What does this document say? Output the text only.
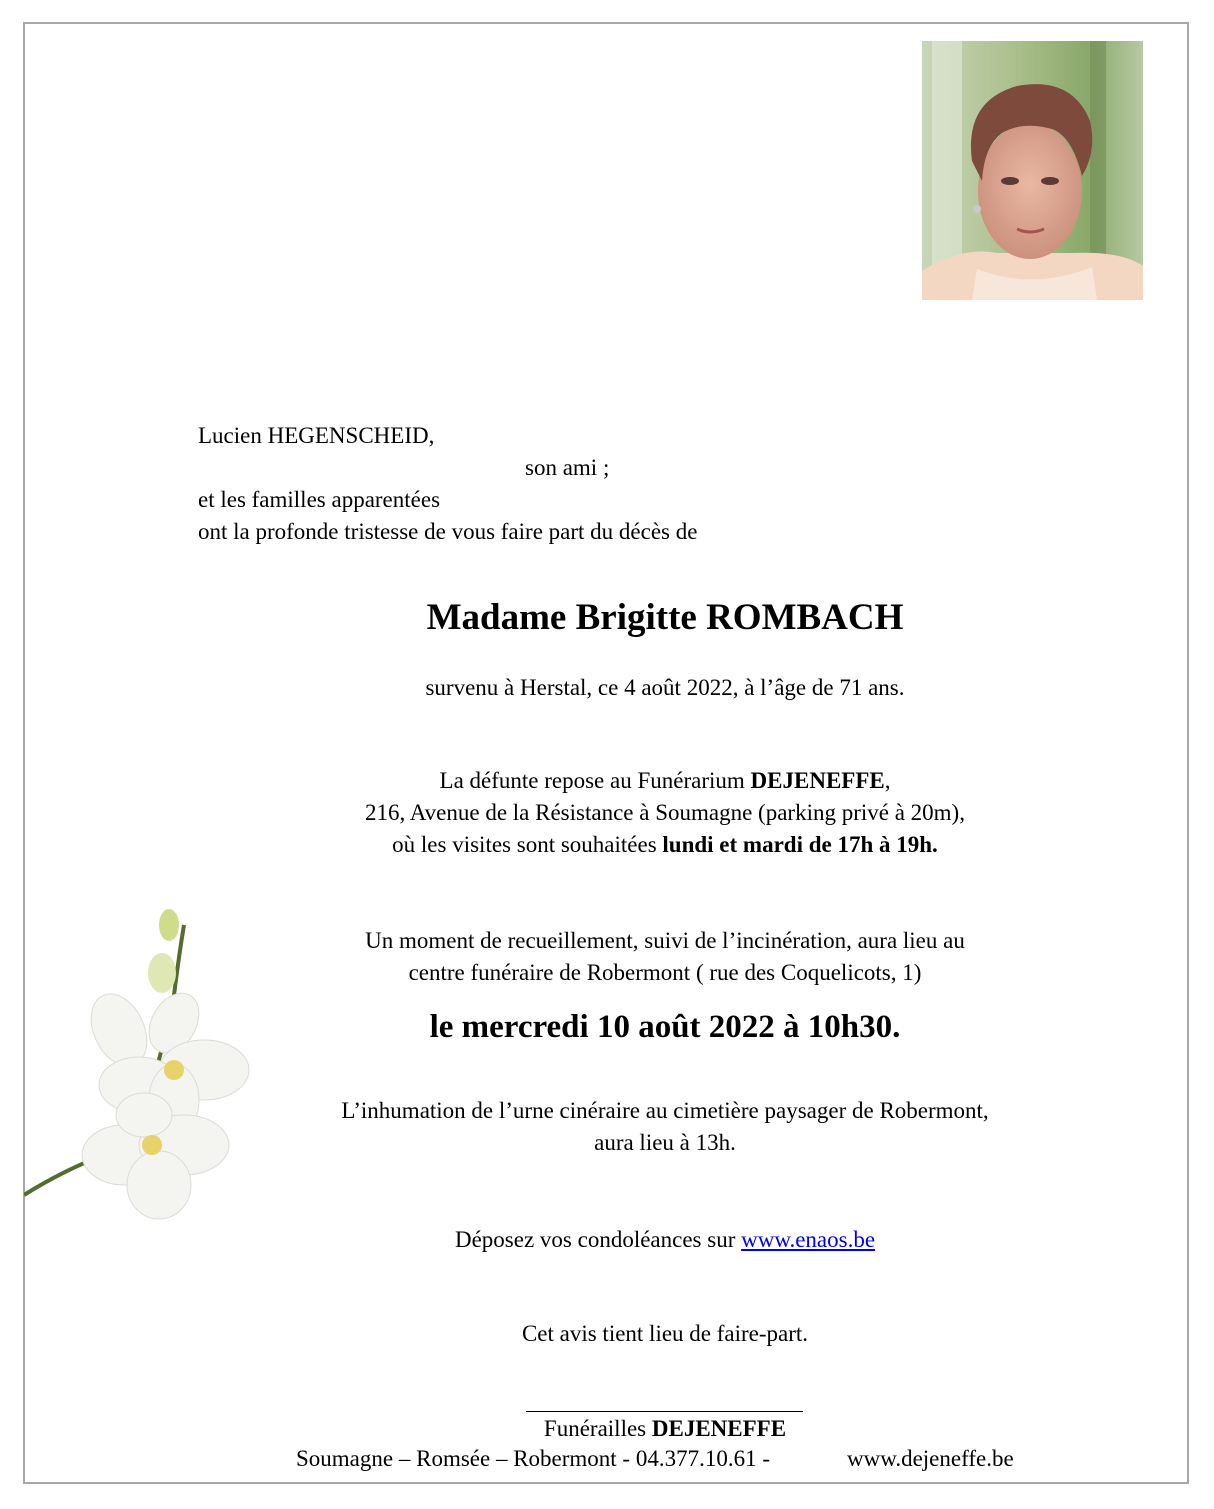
Lucien HEGENSCHEID,
son ami ;
et les familles apparentées
ont la profonde tristesse de vous faire part du décès de
Madame Brigitte ROMBACH
survenu à Herstal, ce 4 août 2022, à l’âge de 71 ans.
La défunte repose au Funérarium DEJENEFFE,
216, Avenue de la Résistance à Soumagne (parking privé à 20m),
où les visites sont souhaitées lundi et mardi de 17h à 19h.
Un moment de recueillement, suivi de l’incinération, aura lieu au
centre funéraire de Robermont ( rue des Coquelicots, 1)
le mercredi 10 août 2022 à 10h30.
L’inhumation de l’urne cinéraire au cimetière paysager de Robermont,
aura lieu à 13h.
Déposez vos condoléances sur www.enaos.be
Cet avis tient lieu de faire-part.
Funérailles DEJENEFFE
Soumagne – Romsée – Robermont - 04.377.10.61 -	www.dejeneffe.be
